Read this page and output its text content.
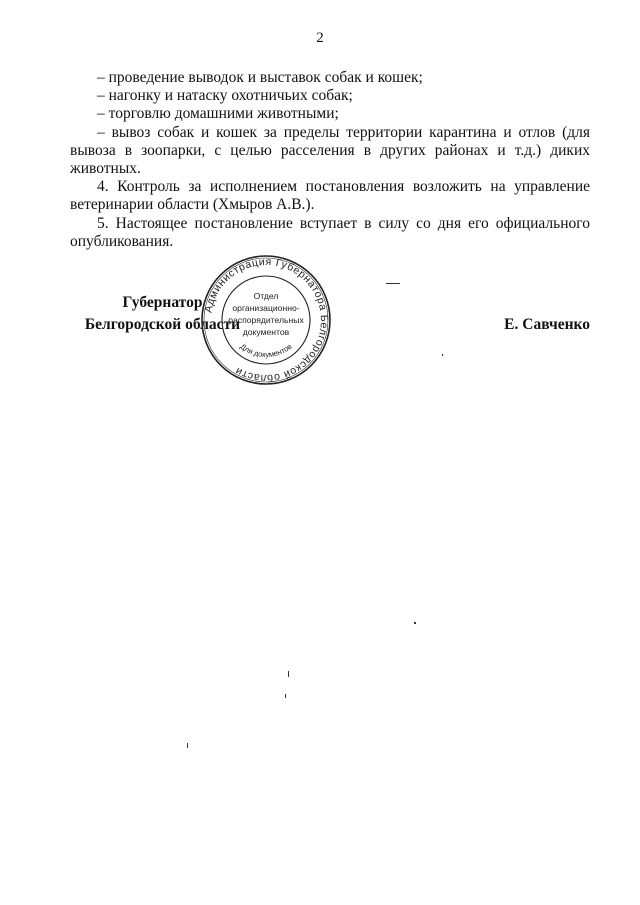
2

– проведение выводок и выставок собак и кошек;

– нагонку и натаску охотничьих собак;

– торговлю домашними животными;

– вывоз собак и кошек за пределы территории карантина и отлов (для вывоза в зоопарки, с целью расселения в других районах и т.д.) диких животных.

4. Контроль за исполнением постановления возложить на управление ветеринарии области (Хмыров А.В.).

5. Настоящее постановление вступает в силу со дня его официального опубликования.

Губернатор
Белгородской области	Е. Савченко
Администрация Губернатора Белгородской области
Отдел
организационно-
распорядительных
документов
Для документов
